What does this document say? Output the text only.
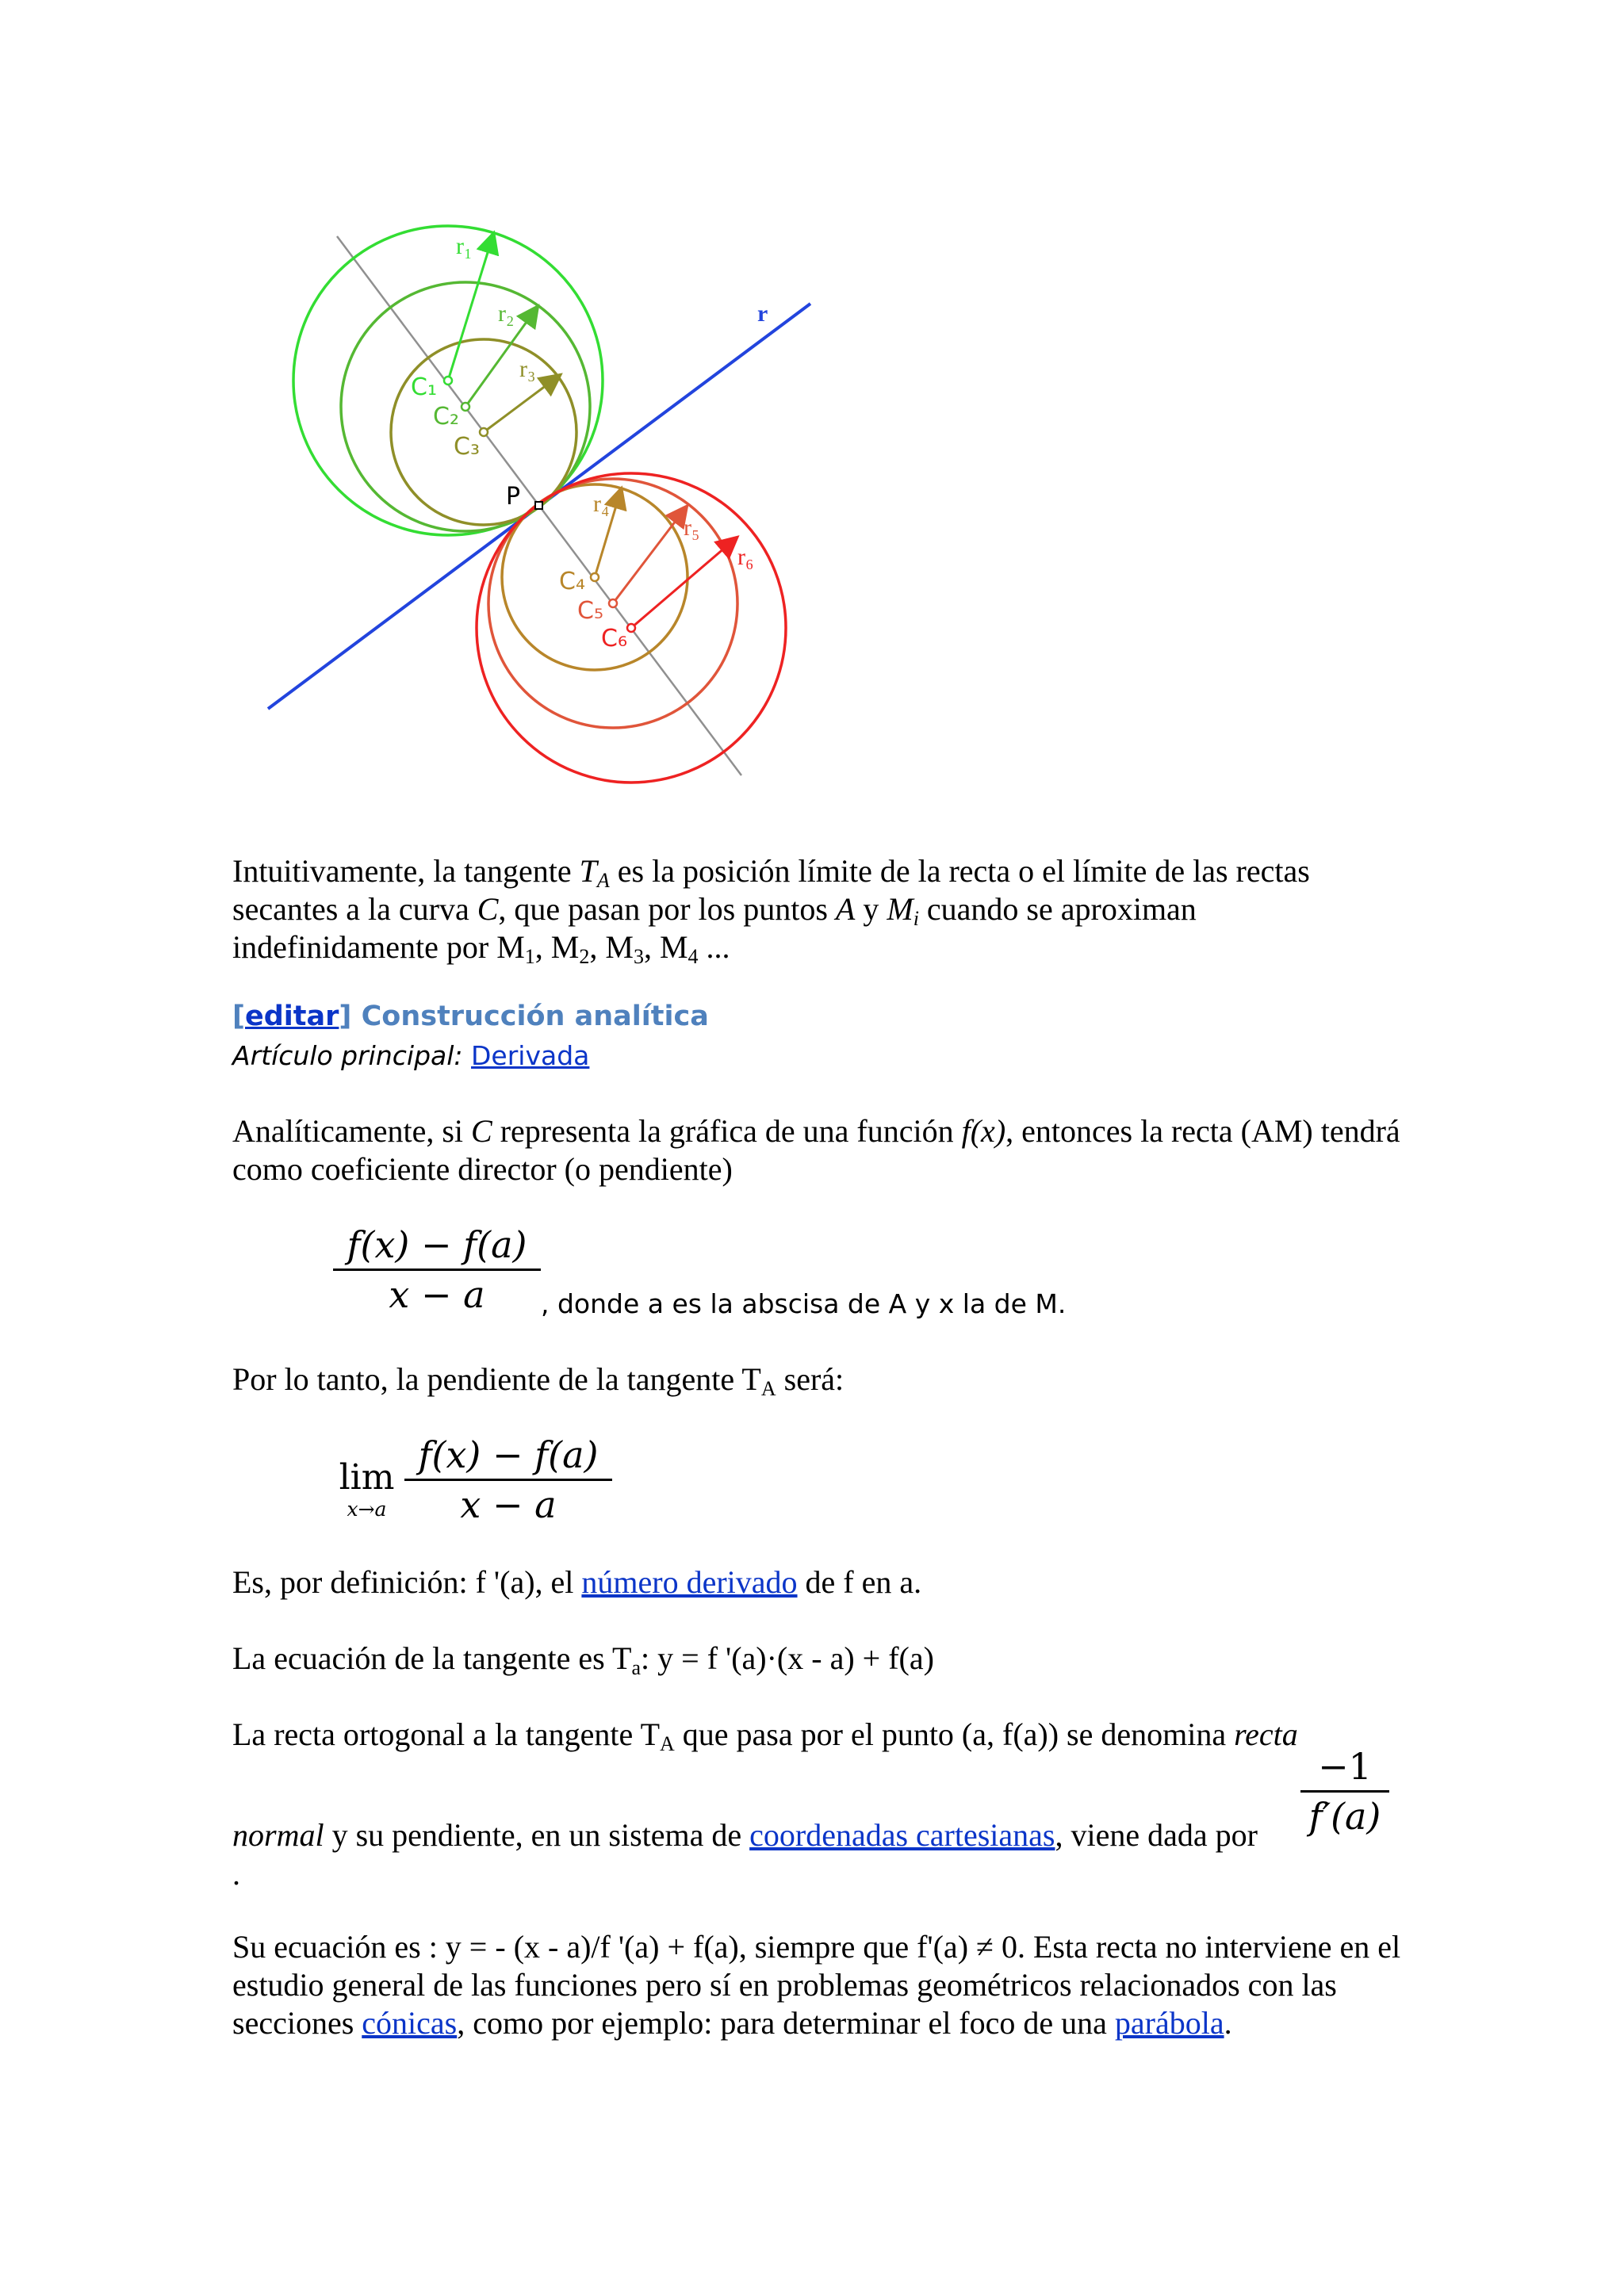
r₁
r₂
r₃
r₄
r₅
r₆
r
C₁
C₂
C₃
C₄
C₅
C₆
P
Intuitivamente, la tangente $T_A$ es la posición límite de la recta o el límite de las rectas secantes a la curva C, que pasan por los puntos A y $M_i$ cuando se aproximan indefinidamente por $M_1$, $M_2$, $M_3$, $M_4$ ...
[editar] Construcción analítica
Artículo principal: Derivada
Analíticamente, si C representa la gráfica de una función f(x), entonces la recta (AM) tendrá como coeficiente director (o pendiente)
f(x) − f(a)
x − a	, donde a es la abscisa de A y x la de M.
Por lo tanto, la pendiente de la tangente $T_A$ será:
lim
x→a
f(x) − f(a)
x − a
Es, por definición: f '(a), el número derivado de f en a.
La ecuación de la tangente es $T_a$: y = f '(a)·(x - a) + f(a)
La recta ortogonal a la tangente $T_A$ que pasa por el punto (a, f(a)) se denomina recta
normal y su pendiente, en un sistema de coordenadas cartesianas, viene dada por
−1
f′(a)
.
Su ecuación es : y = - (x - a)/f '(a) + f(a), siempre que f'(a) ≠ 0. Esta recta no interviene en el estudio general de las funciones pero sí en problemas geométricos relacionados con las secciones cónicas, como por ejemplo: para determinar el foco de una parábola.
